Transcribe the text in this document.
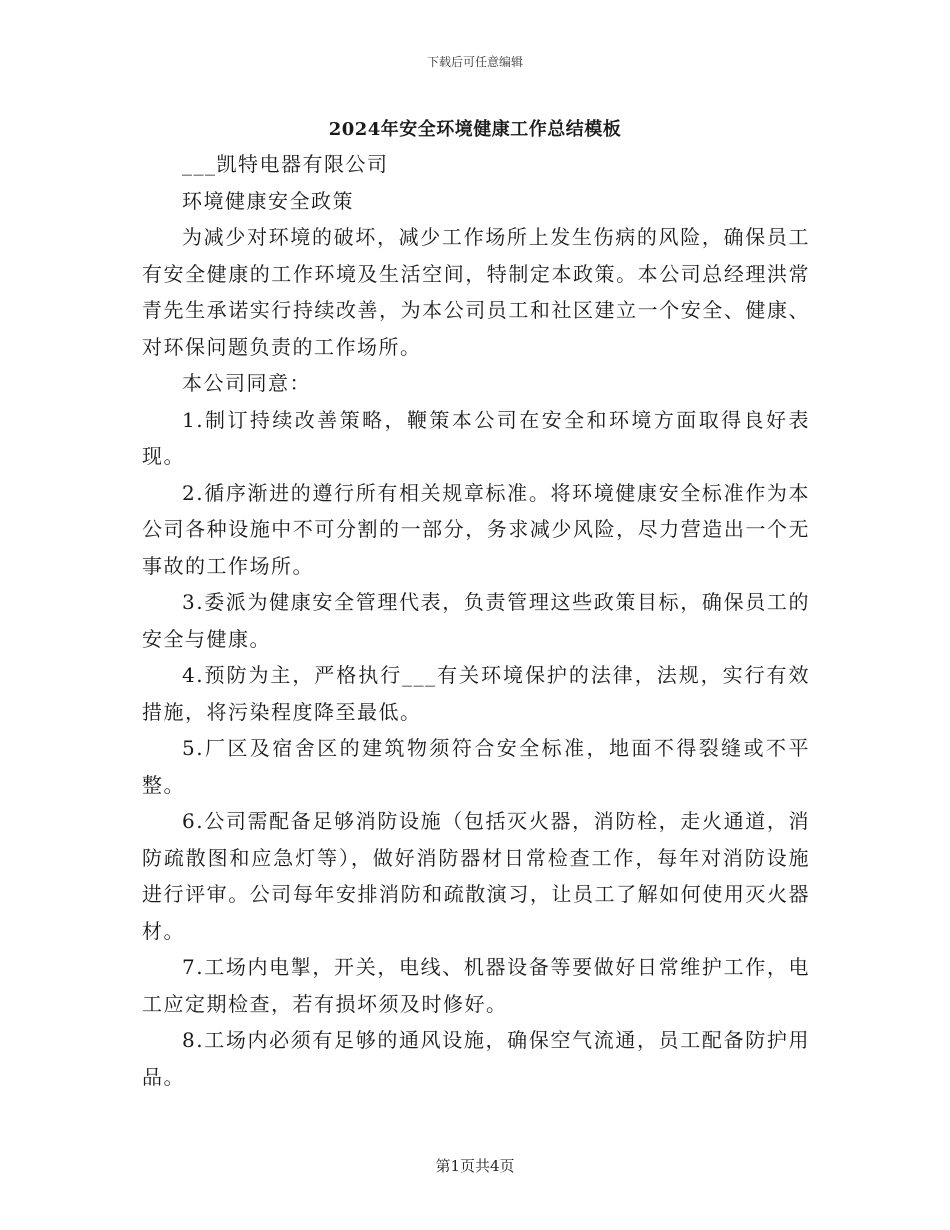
下载后可任意编辑
2024年安全环境健康工作总结模板

___凯特电器有限公司

环境健康安全政策

为减少对环境的破坏，减少工作场所上发生伤病的风险，确保员工有安全健康的工作环境及生活空间，特制定本政策。本公司总经理洪常青先生承诺实行持续改善，为本公司员工和社区建立一个安全、健康、对环保问题负责的工作场所。

本公司同意：

1.制订持续改善策略，鞭策本公司在安全和环境方面取得良好表现。

2.循序渐进的遵行所有相关规章标准。将环境健康安全标准作为本公司各种设施中不可分割的一部分，务求减少风险，尽力营造出一个无事故的工作场所。

3.委派为健康安全管理代表，负责管理这些政策目标，确保员工的安全与健康。

4.预防为主，严格执行___有关环境保护的法律，法规，实行有效措施，将污染程度降至最低。

5.厂区及宿舍区的建筑物须符合安全标准，地面不得裂缝或不平整。

6.公司需配备足够消防设施（包括灭火器，消防栓，走火通道，消防疏散图和应急灯等），做好消防器材日常检查工作，每年对消防设施进行评审。公司每年安排消防和疏散演习，让员工了解如何使用灭火器材。

7.工场内电掣，开关，电线、机器设备等要做好日常维护工作，电工应定期检查，若有损坏须及时修好。

8.工场内必须有足够的通风设施，确保空气流通，员工配备防护用品。

第1页共4页
